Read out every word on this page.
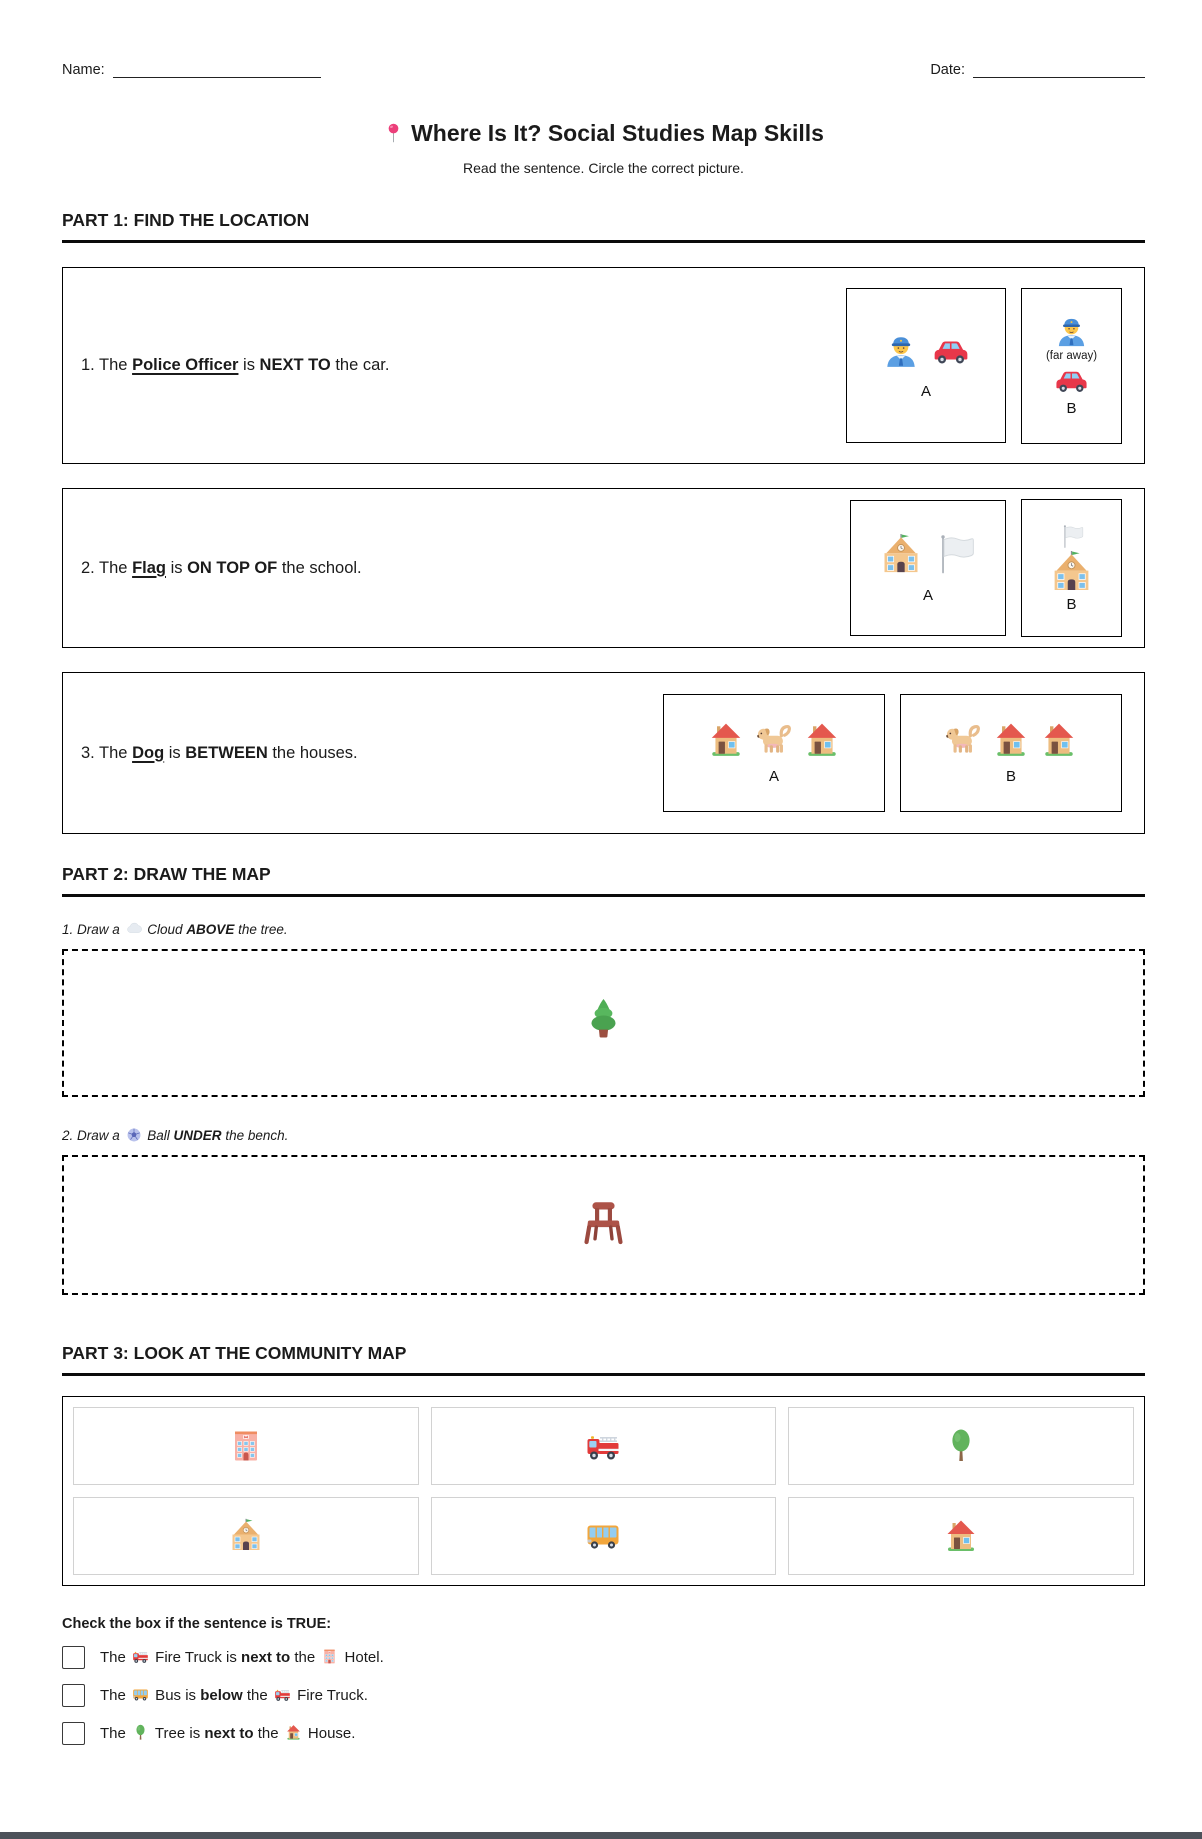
Name:	Date:
Where Is It? Social Studies Map Skills

Read the sentence. Circle the correct picture.

PART 1: FIND THE LOCATION

1. The Police Officer is NEXT TO the car.

A
(far away)
B

2. The Flag is ON TOP OF the school.

A
B

3. The Dog is BETWEEN the houses.

A	B
PART 2: DRAW THE MAP

1. Draw a  Cloud ABOVE the tree.

2. Draw a  Ball UNDER the bench.

PART 3: LOOK AT THE COMMUNITY MAP

Check the box if the sentence is TRUE:

The  Fire Truck is next to the  Hotel.
The  Bus is below the  Fire Truck.
The  Tree is next to the  House.
